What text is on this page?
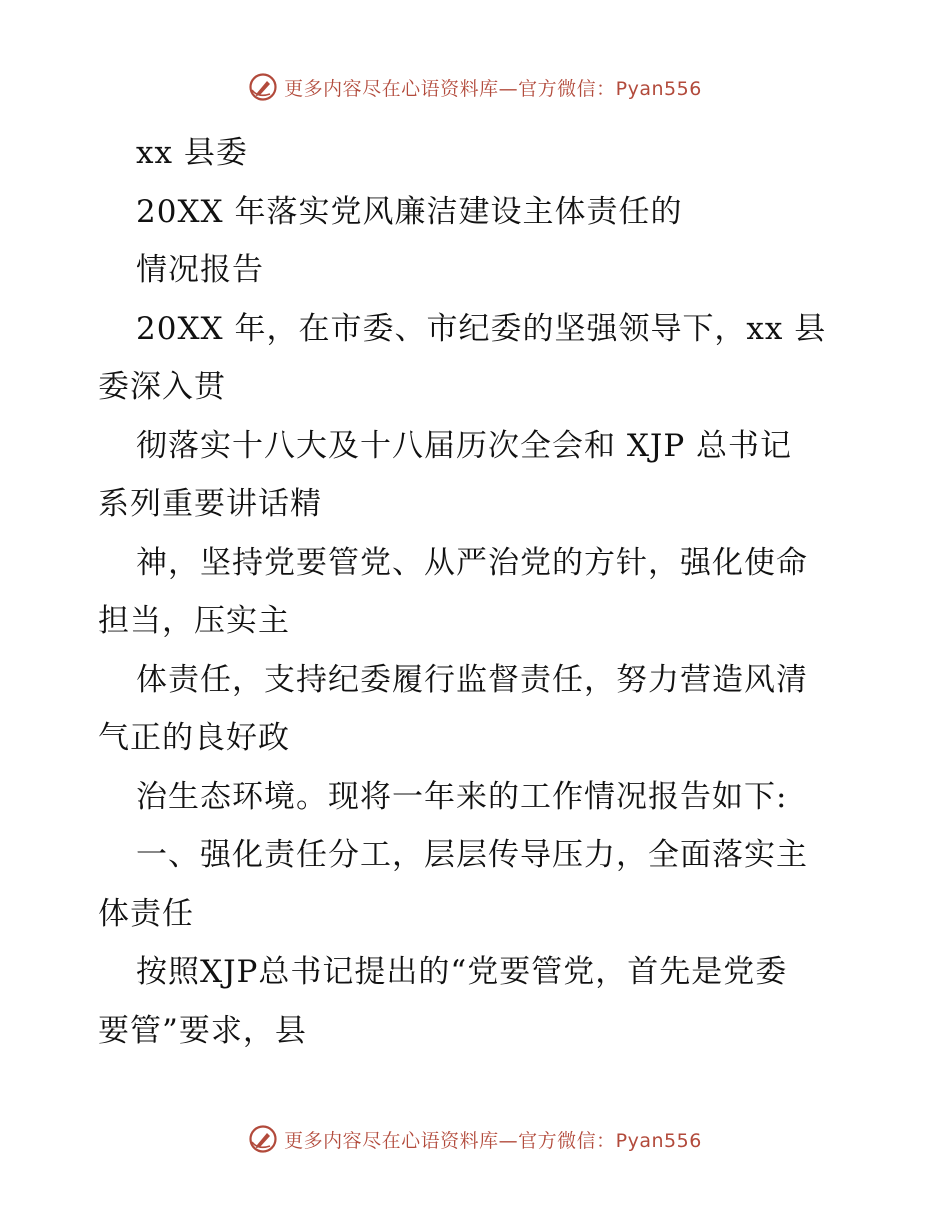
更多内容尽在心语资料库—官方微信：Pyan556
xx 县委
20XX 年落实党风廉洁建设主体责任的
情况报告
20XX 年，在市委、市纪委的坚强领导下，xx 县
委深入贯
彻落实十八大及十八届历次全会和 XJP 总书记
系列重要讲话精
神，坚持党要管党、从严治党的方针，强化使命
担当，压实主
体责任，支持纪委履行监督责任，努力营造风清
气正的良好政
治生态环境。现将一年来的工作情况报告如下:
一、强化责任分工，层层传导压力，全面落实主
体责任
按照XJP总书记提出的“党要管党，首先是党委
要管”要求，县
更多内容尽在心语资料库—官方微信：Pyan556
